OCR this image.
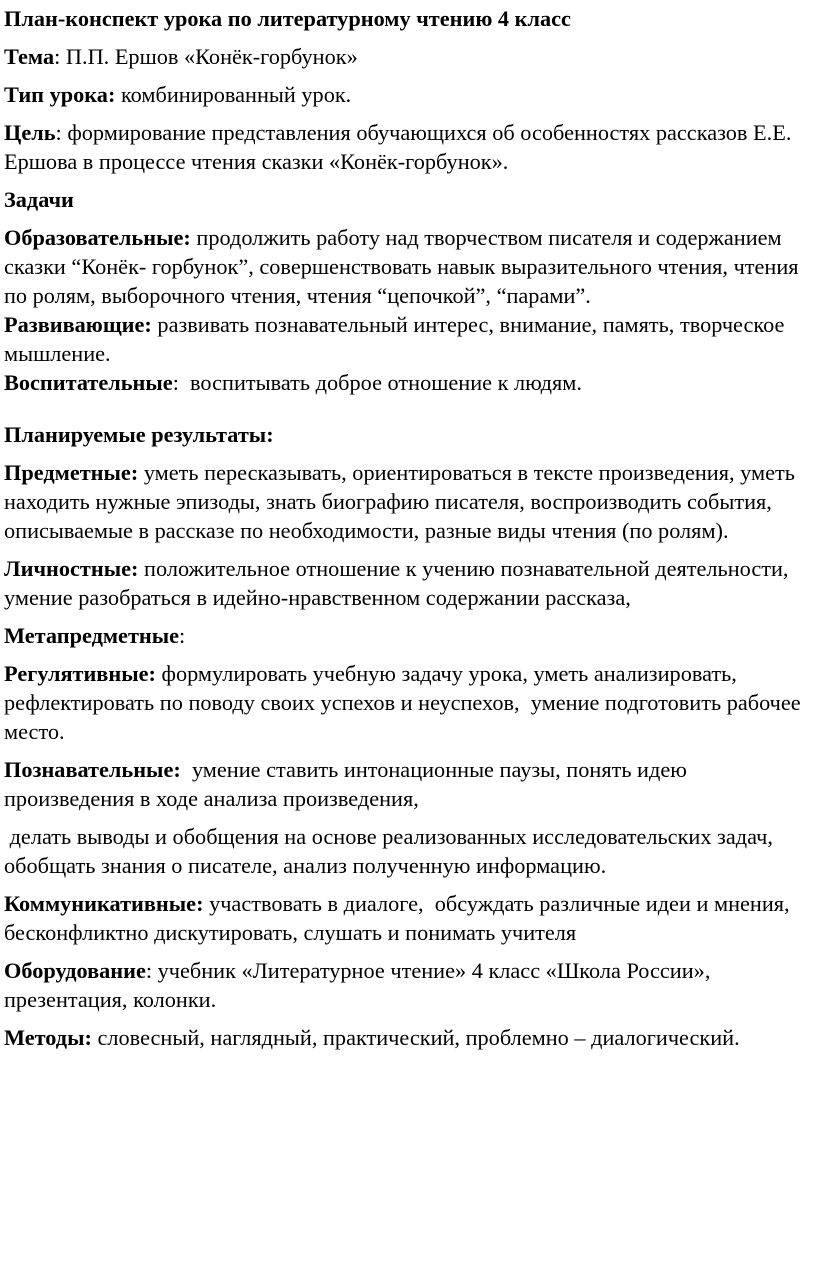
План-конспект урока по литературному чтению 4 класс

Тема: П.П. Ершов «Конёк-горбунок»

Тип урока: комбинированный урок.

Цель: формирование представления обучающихся об особенностях рассказов Е.Е. Ершова в процессе чтения сказки «Конёк-горбунок».

Задачи

Образовательные: продолжить работу над творчеством писателя и содержанием сказки “Конёк- горбунок”, совершенствовать навык выразительного чтения, чтения по ролям, выборочного чтения, чтения “цепочкой”, “парами”.

Развивающие: развивать познавательный интерес, внимание, память, творческое мышление.

Воспитательные:  воспитывать доброе отношение к людям.

Планируемые результаты:

Предметные: уметь пересказывать, ориентироваться в тексте произведения, уметь находить нужные эпизоды, знать биографию писателя, воспроизводить события, описываемые в рассказе по необходимости, разные виды чтения (по ролям).

Личностные: положительное отношение к учению познавательной деятельности, умение разобраться в идейно-нравственном содержании рассказа,

Метапредметные:

Регулятивные: формулировать учебную задачу урока, уметь анализировать, рефлектировать по поводу своих успехов и неуспехов,  умение подготовить рабочее место.

Познавательные:  умение ставить интонационные паузы, понять идею произведения в ходе анализа произведения,

делать выводы и обобщения на основе реализованных исследовательских задач, обобщать знания о писателе, анализ полученную информацию.

Коммуникативные: участвовать в диалоге,  обсуждать различные идеи и мнения, бесконфликтно дискутировать, слушать и понимать учителя

Оборудование: учебник «Литературное чтение» 4 класс «Школа России», презентация, колонки.

Методы: словесный, наглядный, практический, проблемно – диалогический.
